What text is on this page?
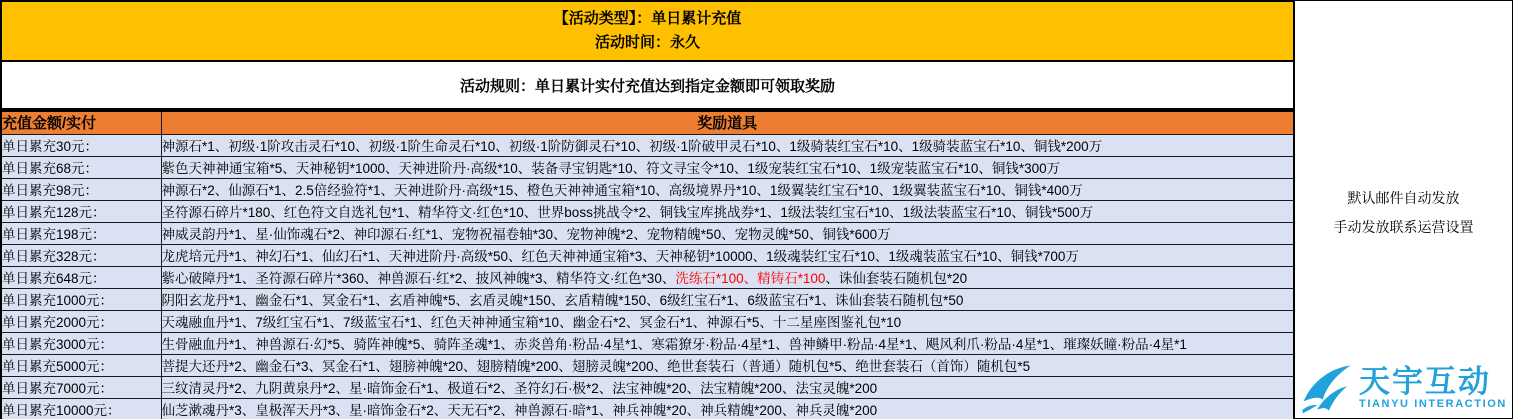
【活动类型】：单日累计充值
活动时间：永久
活动规则：单日累计实付充值达到指定金额即可领取奖励
充值金额/实付	奖励道具
单日累充30元：	神源石*1、初级·1阶攻击灵石*10、初级·1阶生命灵石*10、初级·1阶防御灵石*10、初级·1阶破甲灵石*10、1级骑装红宝石*10、1级骑装蓝宝石*10、铜钱*200万
单日累充68元：	紫色天神神通宝箱*5、天神秘钥*1000、天神进阶丹·高级*10、装备寻宝钥匙*10、符文寻宝令*10、1级宠装红宝石*10、1级宠装蓝宝石*10、铜钱*300万
单日累充98元：	神源石*2、仙源石*1、2.5倍经验符*1、天神进阶丹·高级*15、橙色天神神通宝箱*10、高级境界丹*10、1级翼装红宝石*10、1级翼装蓝宝石*10、铜钱*400万
单日累充128元：	圣符源石碎片*180、红色符文自选礼包*1、精华符文·红色*10、世界boss挑战令*2、铜钱宝库挑战券*1、1级法装红宝石*10、1级法装蓝宝石*10、铜钱*500万
单日累充198元：	神威灵韵丹*1、星·仙饰魂石*2、神印源石·红*1、宠物祝福卷轴*30、宠物神魄*2、宠物精魄*50、宠物灵魄*50、铜钱*600万
单日累充328元：	龙虎培元丹*1、神幻石*1、仙幻石*1、天神进阶丹·高级*50、红色天神神通宝箱*3、天神秘钥*10000、1级魂装红宝石*10、1级魂装蓝宝石*10、铜钱*700万
单日累充648元：	紫心破障丹*1、圣符源石碎片*360、神兽源石·红*2、披风神魄*3、精华符文·红色*30、洗练石*100、精铸石*100、诛仙套装石随机包*20
单日累充1000元：	阴阳玄龙丹*1、幽金石*1、冥金石*1、玄盾神魄*5、玄盾灵魄*150、玄盾精魄*150、6级红宝石*1、6级蓝宝石*1、诛仙套装石随机包*50
单日累充2000元：	天魂融血丹*1、7级红宝石*1、7级蓝宝石*1、红色天神神通宝箱*10、幽金石*2、冥金石*1、神源石*5、十二星座图鉴礼包*10
单日累充3000元：	生骨融血丹*1、神兽源石·幻*5、骑阵神魄*5、骑阵圣魂*1、赤炎兽角·粉品·4星*1、寒霜獠牙·粉品·4星*1、兽神鳞甲·粉品·4星*1、飓风利爪·粉品·4星*1、璀璨妖瞳·粉品·4星*1
单日累充5000元：	菩提大还丹*2、幽金石*3、冥金石*1、翅膀神魄*20、翅膀精魄*200、翅膀灵魄*200、绝世套装石（普通）随机包*5、绝世套装石（首饰）随机包*5
单日累充7000元：	三纹清灵丹*2、九阴黄泉丹*2、星·暗饰金石*1、极道石*2、圣符幻石·极*2、法宝神魄*20、法宝精魄*200、法宝灵魄*200
单日累充10000元：	仙芝漱魂丹*3、皇极浑天丹*3、星·暗饰金石*2、天无石*2、神兽源石·暗*1、神兵神魄*20、神兵精魄*200、神兵灵魄*200
默认邮件自动发放
手动发放联系运营设置
天宇互动
TIANYU INTERACTION
